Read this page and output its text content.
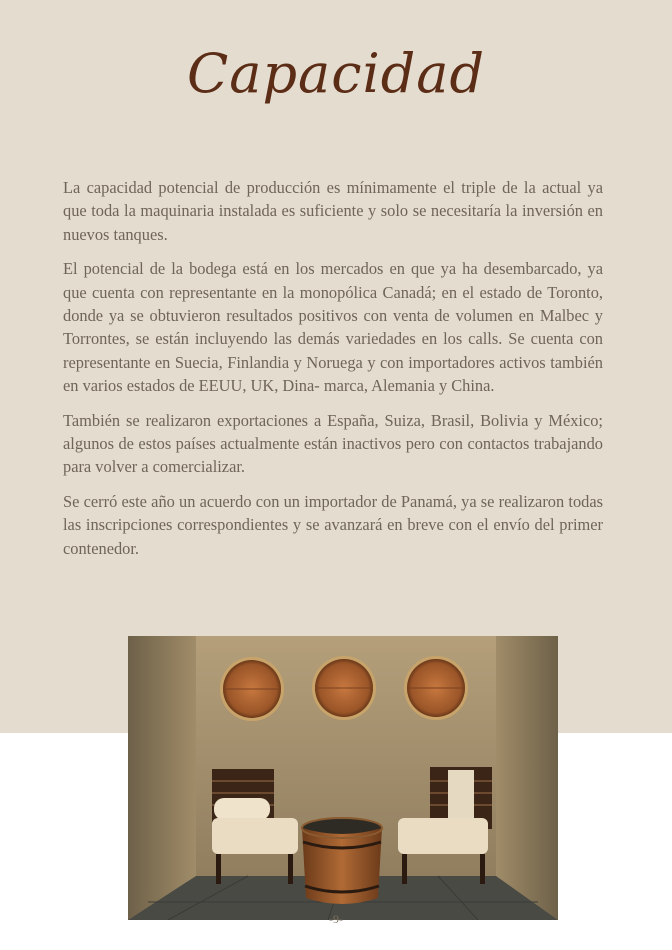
Capacidad

La capacidad potencial de producción es mínimamente el triple de la actual ya que toda la maquinaria instalada es suficiente y solo se necesitaría la inversión en nuevos tanques.

El potencial de la bodega está en los mercados en que ya ha desembarcado, ya que cuenta con representante en la monopólica Canadá; en el estado de Toronto, donde ya se obtuvieron resultados positivos con venta de volumen en Malbec y Torrontes, se están incluyendo las demás variedades en los calls. Se cuenta con representante en Suecia, Finlandia y Noruega y con importadores activos también en varios estados de EEUU, UK, Dina- marca, Alemania y China.

También se realizaron exportaciones a España, Suiza, Brasil, Bolivia y México; algunos de estos países actualmente están inactivos pero con contactos trabajando para volver a comercializar.

Se cerró este año un acuerdo con un importador de Panamá, ya se realizaron todas las inscripciones correspondientes y se avanzará en breve con el envío del primer contenedor.

-9-
